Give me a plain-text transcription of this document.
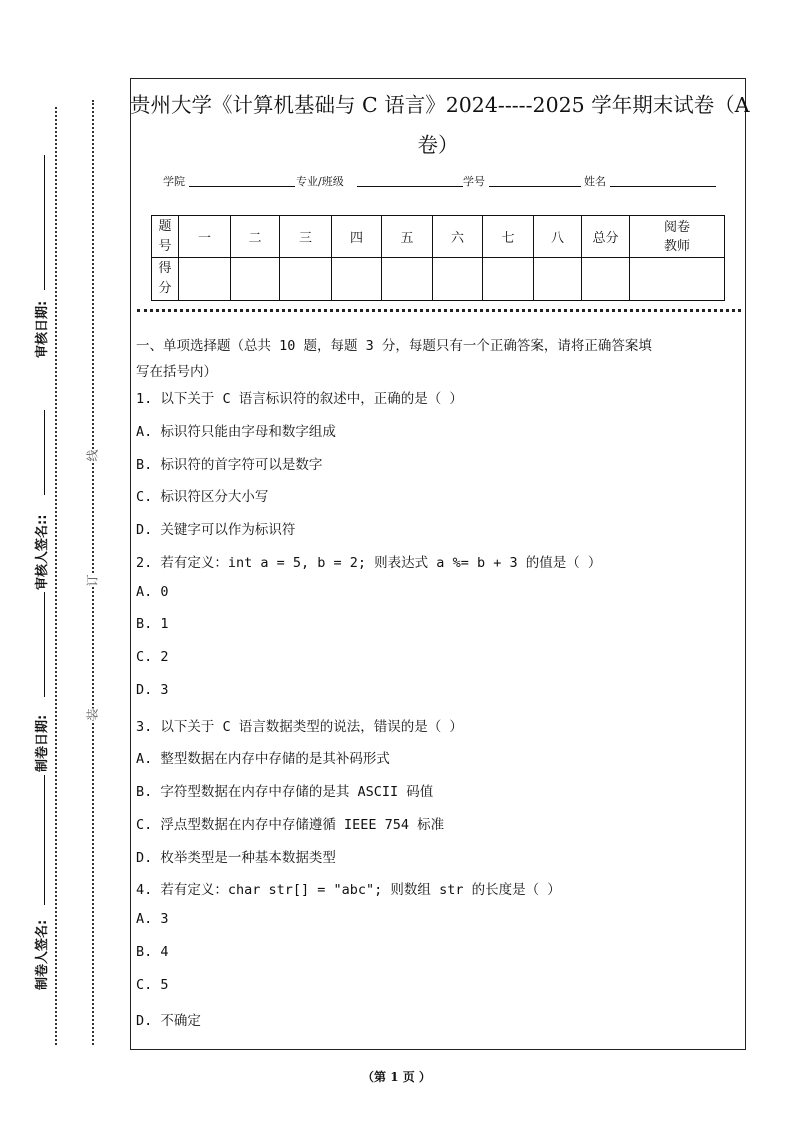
审核日期:
审核人签名::
制卷日期:
制卷人签名:
线
订
装
贵州大学《计算机基础与 C 语言》2024-----2025 学年期末试卷（A
卷）
学院	专业/班级	学号	姓名
题号	一	二	三	四	五	六	七	八	总分	阅卷教师
得分										
一、单项选择题（总共 10 题，每题 3 分，每题只有一个正确答案，请将正确答案填
写在括号内）
（第 1 页 ）
1. 以下关于 C 语言标识符的叙述中，正确的是（ ）
A. 标识符只能由字母和数字组成
B. 标识符的首字符可以是数字
C. 标识符区分大小写
D. 关键字可以作为标识符
2. 若有定义：int a = 5, b = 2; 则表达式 a %= b + 3 的值是（ ）
A. 0
B. 1
C. 2
D. 3
3. 以下关于 C 语言数据类型的说法，错误的是（ ）
A. 整型数据在内存中存储的是其补码形式
B. 字符型数据在内存中存储的是其 ASCII 码值
C. 浮点型数据在内存中存储遵循 IEEE 754 标准
D. 枚举类型是一种基本数据类型
4. 若有定义：char str[] = "abc"; 则数组 str 的长度是（ ）
A. 3
B. 4
C. 5
D. 不确定
